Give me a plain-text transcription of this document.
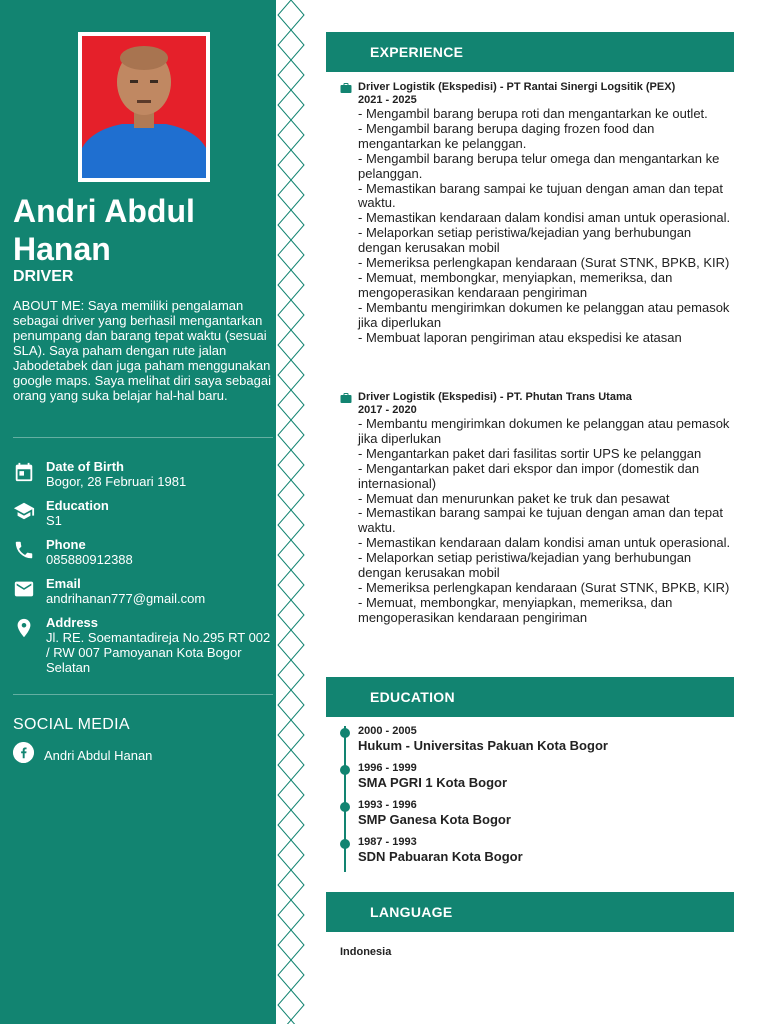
Andri Abdul Hanan
DRIVER
ABOUT ME: Saya memiliki pengalaman sebagai driver yang berhasil mengantarkan penumpang dan barang tepat waktu (sesuai SLA). Saya paham dengan rute jalan Jabodetabek dan juga paham menggunakan google maps. Saya melihat diri saya sebagai orang yang suka belajar hal-hal baru.
Date of Birth
Bogor, 28 Februari 1981
Education
S1
Phone
085880912388
Email
andrihanan777@gmail.com
Address
Jl. RE. Soemantadireja No.295 RT 002 / RW 007 Pamoyanan Kota Bogor Selatan
SOCIAL MEDIA
Andri Abdul Hanan
EXPERIENCE
Driver Logistik (Ekspedisi) - PT Rantai Sinergi Logsitik (PEX)
2021 - 2025
- Mengambil barang berupa roti dan mengantarkan ke outlet.
- Mengambil barang berupa daging frozen food dan mengantarkan ke pelanggan.
- Mengambil barang berupa telur omega dan mengantarkan ke pelanggan.
- Memastikan barang sampai ke tujuan dengan aman dan tepat waktu.
- Memastikan kendaraan dalam kondisi aman untuk operasional.
- Melaporkan setiap peristiwa/kejadian yang berhubungan dengan kerusakan mobil
- Memeriksa perlengkapan kendaraan (Surat STNK, BPKB, KIR)
- Memuat, membongkar, menyiapkan, memeriksa, dan mengoperasikan kendaraan pengiriman
- Membantu mengirimkan dokumen ke pelanggan atau pemasok jika diperlukan
- Membuat laporan pengiriman atau ekspedisi ke atasan
Driver Logistik (Ekspedisi) - PT. Phutan Trans Utama
2017 - 2020
- Membantu mengirimkan dokumen ke pelanggan atau pemasok jika diperlukan
- Mengantarkan paket dari fasilitas sortir UPS ke pelanggan
- Mengantarkan paket dari ekspor dan impor (domestik dan internasional)
- Memuat dan menurunkan paket ke truk dan pesawat
- Memastikan barang sampai ke tujuan dengan aman dan tepat waktu.
- Memastikan kendaraan dalam kondisi aman untuk operasional.
- Melaporkan setiap peristiwa/kejadian yang berhubungan dengan kerusakan mobil
- Memeriksa perlengkapan kendaraan (Surat STNK, BPKB, KIR)
- Memuat, membongkar, menyiapkan, memeriksa, dan mengoperasikan kendaraan pengiriman
EDUCATION
2000 - 2005
Hukum - Universitas Pakuan Kota Bogor
1996 - 1999
SMA PGRI 1 Kota Bogor
1993 - 1996
SMP Ganesa Kota Bogor
1987 - 1993
SDN Pabuaran Kota Bogor
LANGUAGE
Indonesia
